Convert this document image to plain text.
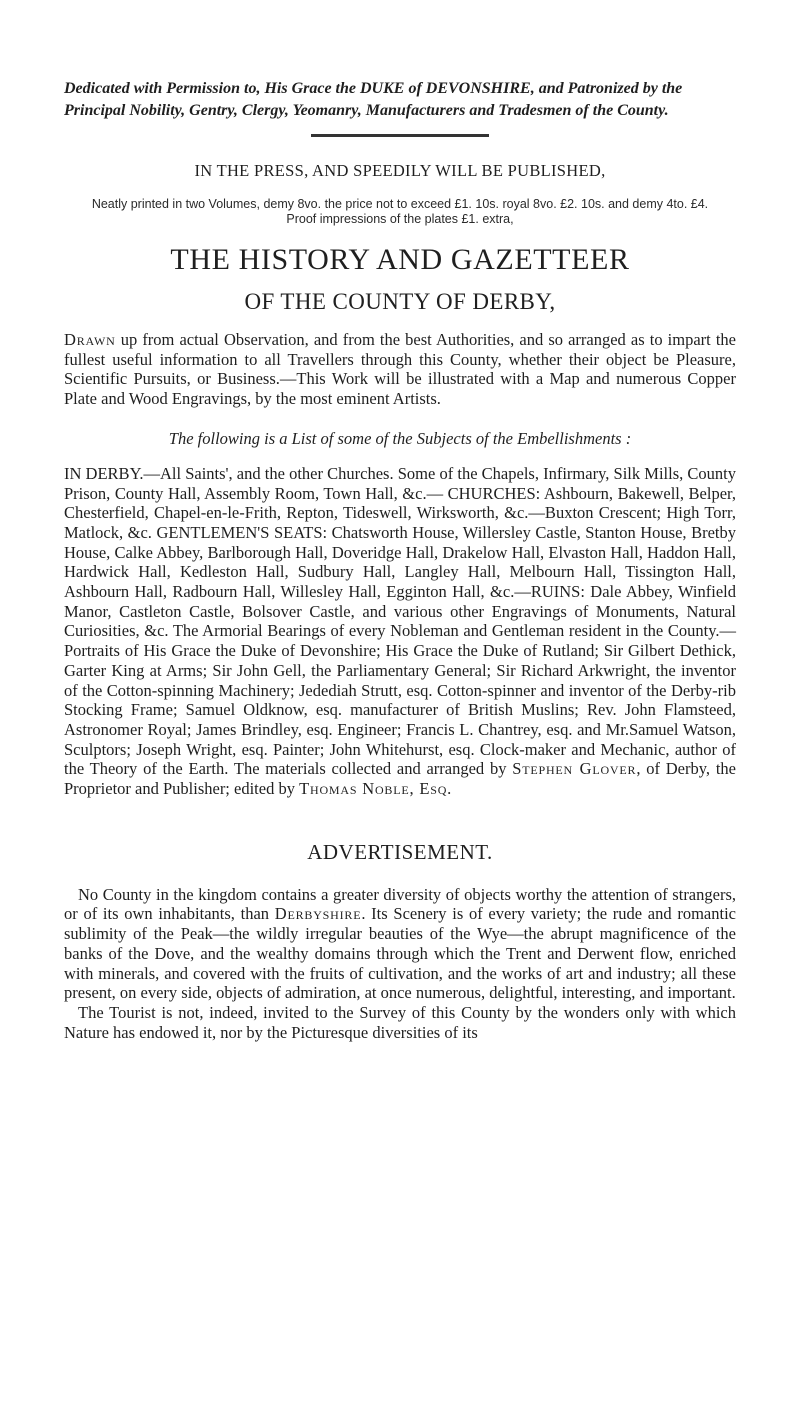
Dedicated with Permission to, His Grace the DUKE of DEVONSHIRE, and Patronized by the Principal Nobility, Gentry, Clergy, Yeomanry, Manufacturers and Tradesmen of the County.

IN THE PRESS, AND SPEEDILY WILL BE PUBLISHED,

Neatly printed in two Volumes, demy 8vo. the price not to exceed £1. 10s. royal 8vo. £2. 10s. and demy 4to. £4.
Proof impressions of the plates £1. extra,
THE HISTORY AND GAZETTEER
OF THE COUNTY OF DERBY,

Drawn up from actual Observation, and from the best Authorities, and so arranged as to impart the fullest useful information to all Travellers through this County, whether their object be Pleasure, Scientific Pursuits, or Business.—This Work will be illustrated with a Map and numerous Copper Plate and Wood Engravings, by the most eminent Artists.

The following is a List of some of the Subjects of the Embellishments :

IN DERBY.—All Saints', and the other Churches. Some of the Chapels, Infirmary, Silk Mills, County Prison, County Hall, Assembly Room, Town Hall, &c.— CHURCHES: Ashbourn, Bakewell, Belper, Chesterfield, Chapel-en-le-Frith, Repton, Tideswell, Wirksworth, &c.—Buxton Crescent; High Torr, Matlock, &c. GENTLEMEN'S SEATS: Chatsworth House, Willersley Castle, Stanton House, Bretby House, Calke Abbey, Barlborough Hall, Doveridge Hall, Drakelow Hall, Elvaston Hall, Haddon Hall, Hardwick Hall, Kedleston Hall, Sudbury Hall, Langley Hall, Melbourn Hall, Tissington Hall, Ashbourn Hall, Radbourn Hall, Willesley Hall, Egginton Hall, &c.—RUINS: Dale Abbey, Winfield Manor, Castleton Castle, Bolsover Castle, and various other Engravings of Monuments, Natural Curiosities, &c. The Armorial Bearings of every Nobleman and Gentleman resident in the County.—Portraits of His Grace the Duke of Devonshire; His Grace the Duke of Rutland; Sir Gilbert Dethick, Garter King at Arms; Sir John Gell, the Parliamentary General; Sir Richard Arkwright, the inventor of the Cotton-spinning Machinery; Jedediah Strutt, esq. Cotton-spinner and inventor of the Derby-rib Stocking Frame; Samuel Oldknow, esq. manufacturer of British Muslins; Rev. John Flamsteed, Astronomer Royal; James Brindley, esq. Engineer; Francis L. Chantrey, esq. and Mr.Samuel Watson, Sculptors; Joseph Wright, esq. Painter; John Whitehurst, esq. Clock-maker and Mechanic, author of the Theory of the Earth. The materials collected and arranged by Stephen Glover, of Derby, the Proprietor and Publisher; edited by Thomas Noble, Esq.

ADVERTISEMENT.

No County in the kingdom contains a greater diversity of objects worthy the attention of strangers, or of its own inhabitants, than Derbyshire. Its Scenery is of every variety; the rude and romantic sublimity of the Peak—the wildly irregular beauties of the Wye—the abrupt magnificence of the banks of the Dove, and the wealthy domains through which the Trent and Derwent flow, enriched with minerals, and covered with the fruits of cultivation, and the works of art and industry; all these present, on every side, objects of admiration, at once numerous, delightful, interesting, and important.

The Tourist is not, indeed, invited to the Survey of this County by the wonders only with which Nature has endowed it, nor by the Picturesque diversities of its
